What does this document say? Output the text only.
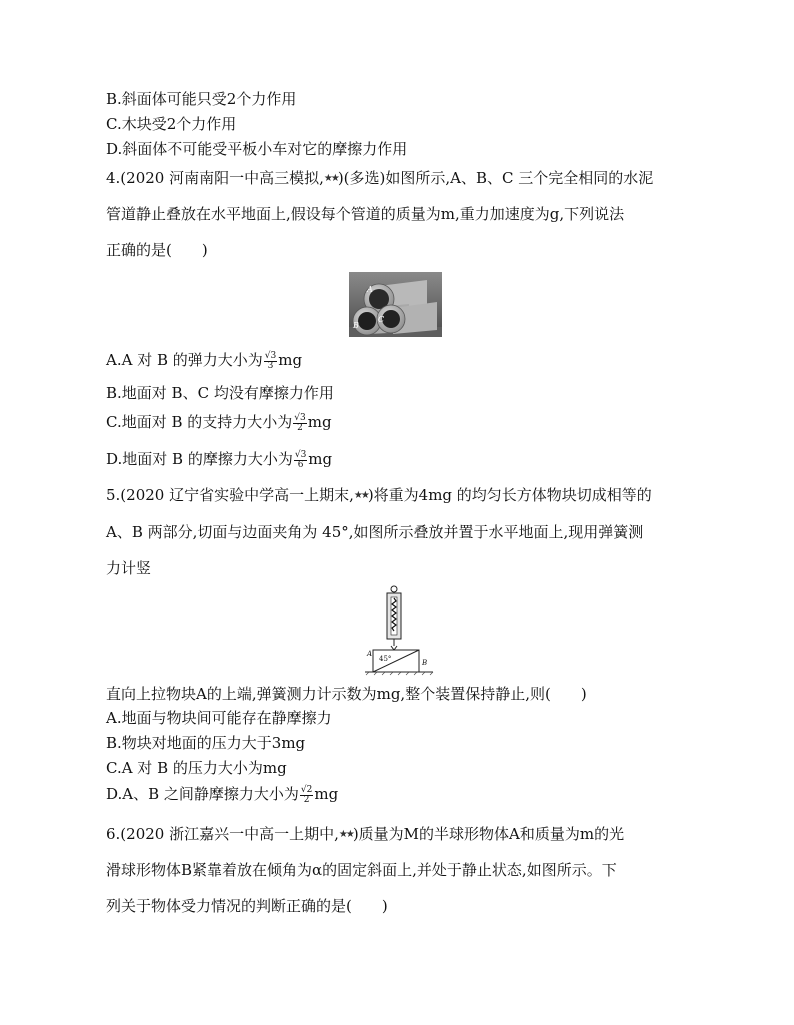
B.斜面体可能只受2个力作用
C.木块受2个力作用
D.斜面体不可能受平板小车对它的摩擦力作用
4.(2020 河南南阳一中高三模拟,★★)(多选)如图所示,A、B、C 三个完全相同的水泥
管道静止叠放在水平地面上,假设每个管道的质量为m,重力加速度为g,下列说法
正确的是( )
A
B
C
A.A 对 B 的弹力大小为 $\frac{√3}{3}$ mg
B.地面对 B、C 均没有摩擦力作用
C.地面对 B 的支持力大小为 $\frac{√3}{2}$ mg
D.地面对 B 的摩擦力大小为 $\frac{√3}{6}$ mg
5.(2020 辽宁省实验中学高一上期末,★★)将重为4mg 的均匀长方体物块切成相等的
A、B 两部分,切面与边面夹角为 45°,如图所示叠放并置于水平地面上,现用弹簧测
力计竖
A
45°	B
直向上拉物块A的上端,弹簧测力计示数为mg,整个装置保持静止,则( )
A.地面与物块间可能存在静摩擦力
B.物块对地面的压力大于3mg
C.A 对 B 的压力大小为mg
D.A、B 之间静摩擦力大小为 $\frac{√2}{2}$ mg
6.(2020 浙江嘉兴一中高一上期中,★★)质量为M的半球形物体A和质量为m的光
滑球形物体B紧靠着放在倾角为α的固定斜面上,并处于静止状态,如图所示。下
列关于物体受力情况的判断正确的是( )
